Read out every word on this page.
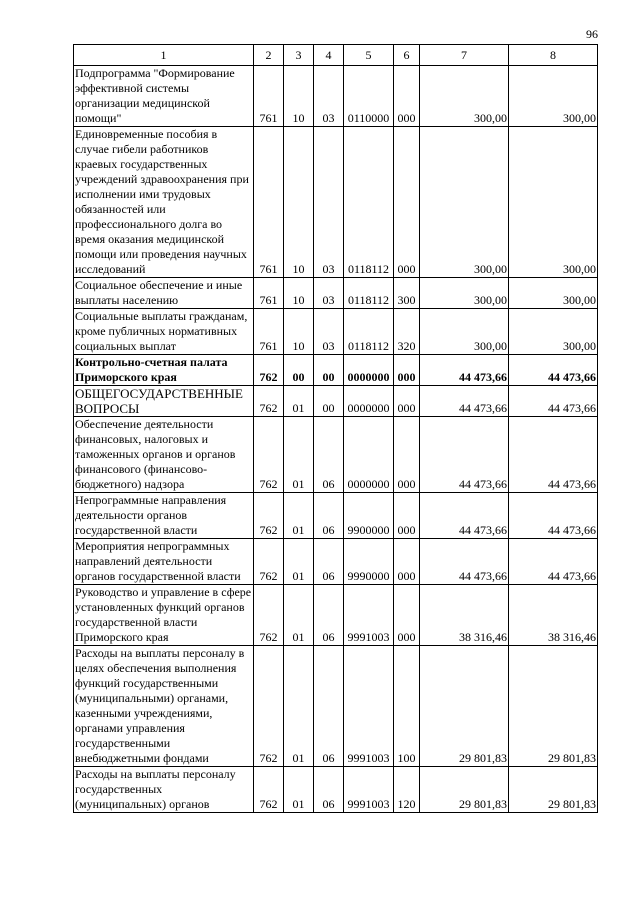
96
1	2	3	4	5	6	7	8
Подпрограмма "Формирование эффективной системы организации медицинской помощи"	761	10	03	0110000	000	300,00	300,00
Единовременные пособия в случае гибели работников краевых государственных учреждений здравоохранения при исполнении ими трудовых обязанностей или профессионального долга во время оказания медицинской помощи или проведения научных исследований	761	10	03	0118112	000	300,00	300,00
Социальное обеспечение и иные выплаты населению	761	10	03	0118112	300	300,00	300,00
Социальные выплаты гражданам, кроме публичных нормативных социальных выплат	761	10	03	0118112	320	300,00	300,00
Контрольно-счетная палата Приморского края	762	00	00	0000000	000	44 473,66	44 473,66
ОБЩЕГОСУДАРСТВЕННЫЕ ВОПРОСЫ	762	01	00	0000000	000	44 473,66	44 473,66
Обеспечение деятельности финансовых, налоговых и таможенных органов и органов финансового (финансово-бюджетного) надзора	762	01	06	0000000	000	44 473,66	44 473,66
Непрограммные направления деятельности органов государственной власти	762	01	06	9900000	000	44 473,66	44 473,66
Мероприятия непрограммных направлений деятельности органов государственной власти	762	01	06	9990000	000	44 473,66	44 473,66
Руководство и управление в сфере установленных функций органов государственной власти Приморского края	762	01	06	9991003	000	38 316,46	38 316,46
Расходы на выплаты персоналу в целях обеспечения выполнения функций государственными (муниципальными) органами, казенными учреждениями, органами управления государственными внебюджетными фондами	762	01	06	9991003	100	29 801,83	29 801,83
Расходы на выплаты персоналу государственных (муниципальных) органов	762	01	06	9991003	120	29 801,83	29 801,83
